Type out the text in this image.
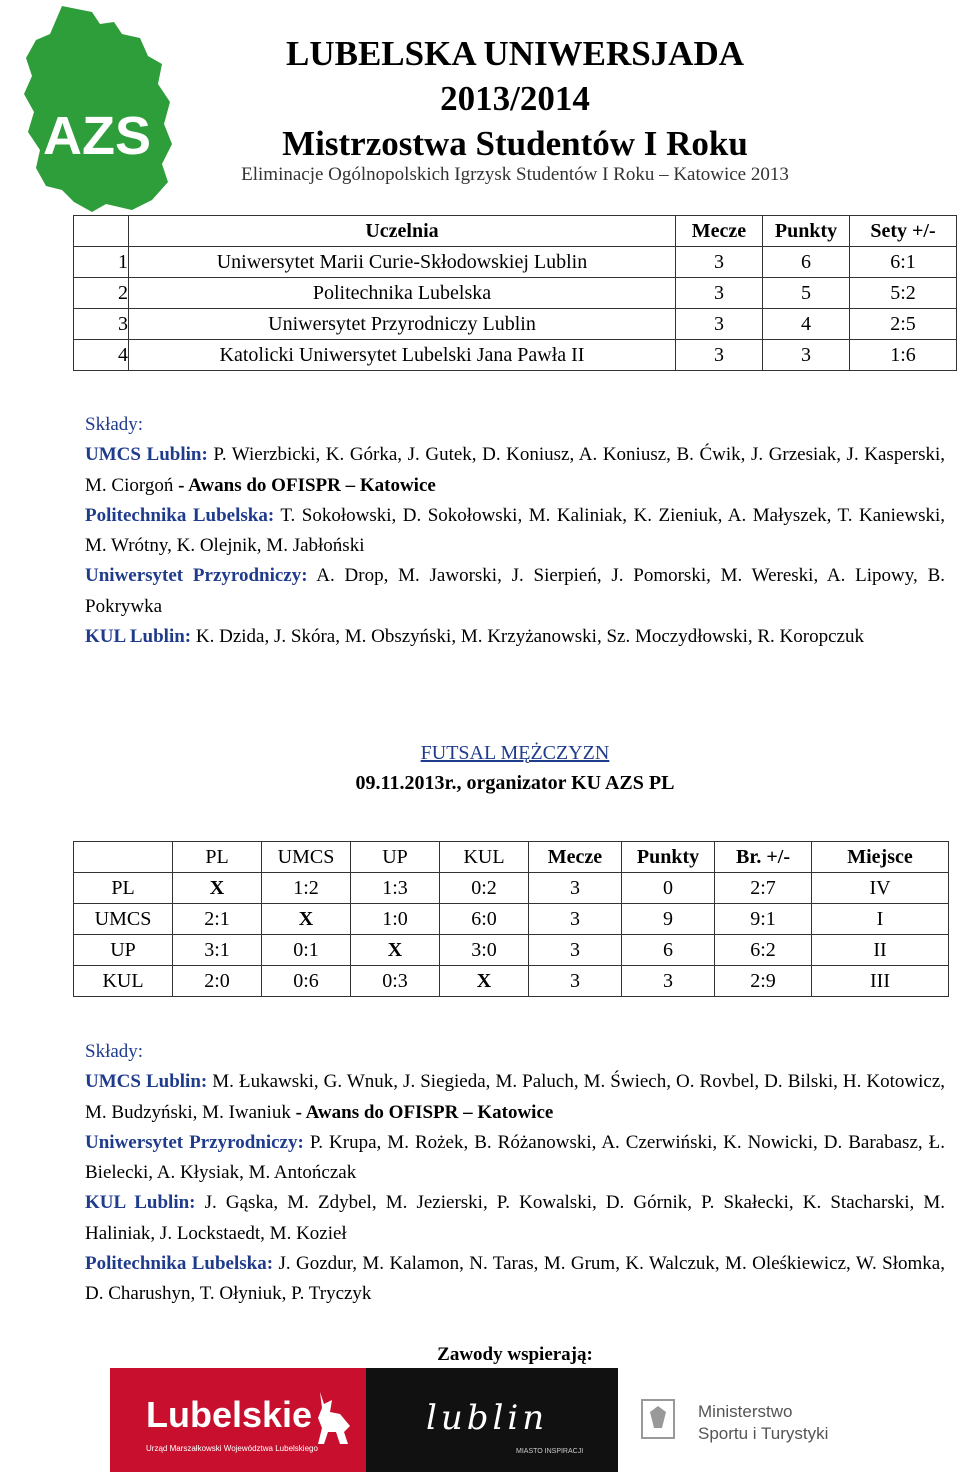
AZS
LUBELSKA UNIWERSJADA
2013/2014
Mistrzostwa Studentów I Roku
Eliminacje Ogólnopolskich Igrzysk Studentów I Roku – Katowice 2013
	Uczelnia	Mecze	Punkty	Sety +/-
1	Uniwersytet Marii Curie-Skłodowskiej Lublin	3	6	6:1
2	Politechnika Lubelska	3	5	5:2
3	Uniwersytet Przyrodniczy Lublin	3	4	2:5
4	Katolicki Uniwersytet Lubelski Jana Pawła II	3	3	1:6
Składy:
UMCS Lublin: P. Wierzbicki, K. Górka, J. Gutek, D. Koniusz, A. Koniusz, B. Ćwik, J. Grzesiak, J. Kasperski, M. Ciorgoń - Awans do OFISPR – Katowice
Politechnika Lubelska: T. Sokołowski, D. Sokołowski, M. Kaliniak, K. Zieniuk, A. Małyszek, T. Kaniewski, M. Wrótny, K. Olejnik, M. Jabłoński
Uniwersytet Przyrodniczy: A. Drop, M. Jaworski, J. Sierpień, J. Pomorski, M. Wereski, A. Lipowy, B. Pokrywka
KUL Lublin: K. Dzida, J. Skóra, M. Obszyński, M. Krzyżanowski, Sz. Moczydłowski, R. Koropczuk
FUTSAL MĘŻCZYZN
09.11.2013r., organizator KU AZS PL
	PL	UMCS	UP	KUL	Mecze	Punkty	Br. +/-	Miejsce
PL	X	1:2	1:3	0:2	3	0	2:7	IV
UMCS	2:1	X	1:0	6:0	3	9	9:1	I
UP	3:1	0:1	X	3:0	3	6	6:2	II
KUL	2:0	0:6	0:3	X	3	3	2:9	III
Składy:
UMCS Lublin: M. Łukawski, G. Wnuk, J. Siegieda, M. Paluch, M. Świech, O. Rovbel, D. Bilski, H. Kotowicz, M. Budzyński, M. Iwaniuk - Awans do OFISPR – Katowice
Uniwersytet Przyrodniczy: P. Krupa, M. Rożek, B. Różanowski, A. Czerwiński, K. Nowicki, D. Barabasz, Ł. Bielecki, A. Kłysiak, M. Antończak
KUL Lublin: J. Gąska, M. Zdybel, M. Jezierski, P. Kowalski, D. Górnik, P. Skałecki, K. Stacharski, M. Haliniak, J. Lockstaedt, M. Kozieł
Politechnika Lubelska: J. Gozdur, M. Kalamon, N. Taras, M. Grum, K. Walczuk, M. Oleśkiewicz, W. Słomka, D. Charushyn, T. Ołyniuk, P. Tryczyk
Zawody wspierają:
Lubelskie
Urząd Marszałkowski Województwa Lubelskiego
lublin
MIASTO INSPIRACJI
Ministerstwo
Sportu i Turystyki
